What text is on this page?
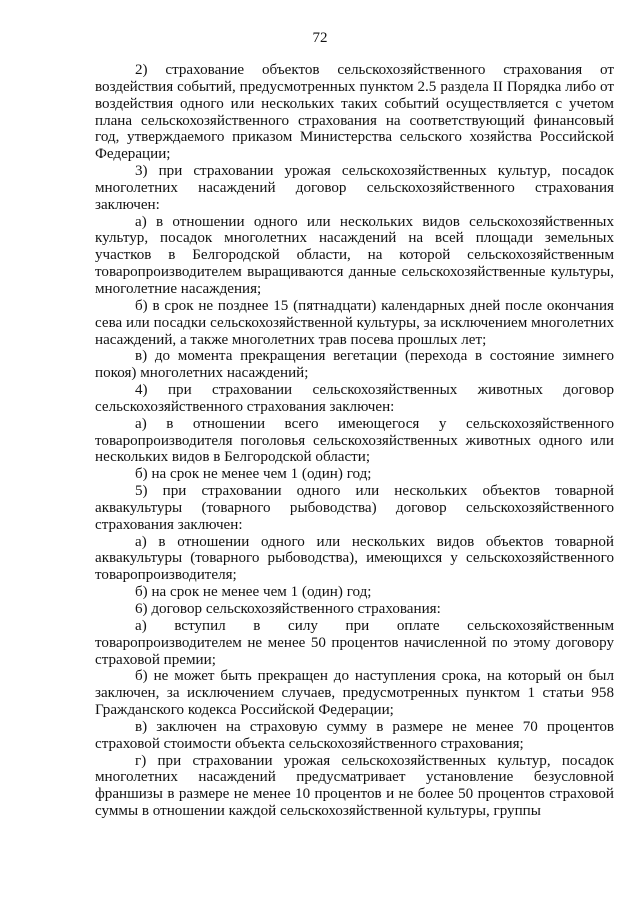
72

2) страхование объектов сельскохозяйственного страхования от воздействия событий, предусмотренных пунктом 2.5 раздела II Порядка либо от воздействия одного или нескольких таких событий осуществляется с учетом плана сельскохозяйственного страхования на соответствующий финансовый год, утверждаемого приказом Министерства сельского хозяйства Российской Федерации;

3) при страховании урожая сельскохозяйственных культур, посадок многолетних насаждений договор сельскохозяйственного страхования заключен:

а) в отношении одного или нескольких видов сельскохозяйственных культур, посадок многолетних насаждений на всей площади земельных участков в Белгородской области, на которой сельскохозяйственным товаропроизводителем выращиваются данные сельскохозяйственные культуры, многолетние насаждения;

б) в срок не позднее 15 (пятнадцати) календарных дней после окончания сева или посадки сельскохозяйственной культуры, за исключением многолетних насаждений, а также многолетних трав посева прошлых лет;

в) до момента прекращения вегетации (перехода в состояние зимнего покоя) многолетних насаждений;

4) при страховании сельскохозяйственных животных договор сельскохозяйственного страхования заключен:

а) в отношении всего имеющегося у сельскохозяйственного товаропроизводителя поголовья сельскохозяйственных животных одного или нескольких видов в Белгородской области;

б) на срок не менее чем 1 (один) год;

5) при страховании одного или нескольких объектов товарной аквакультуры (товарного рыбоводства) договор сельскохозяйственного страхования заключен:

а) в отношении одного или нескольких видов объектов товарной аквакультуры (товарного рыбоводства), имеющихся у сельскохозяйственного товаропроизводителя;

б) на срок не менее чем 1 (один) год;

6) договор сельскохозяйственного страхования:

а) вступил в силу при оплате сельскохозяйственным товаропроизводителем не менее 50 процентов начисленной по этому договору страховой премии;

б) не может быть прекращен до наступления срока, на который он был заключен, за исключением случаев, предусмотренных пунктом 1 статьи 958 Гражданского кодекса Российской Федерации;

в) заключен на страховую сумму в размере не менее 70 процентов страховой стоимости объекта сельскохозяйственного страхования;

г) при страховании урожая сельскохозяйственных культур, посадок многолетних насаждений предусматривает установление безусловной франшизы в размере не менее 10 процентов и не более 50 процентов страховой суммы в отношении каждой сельскохозяйственной культуры, группы
